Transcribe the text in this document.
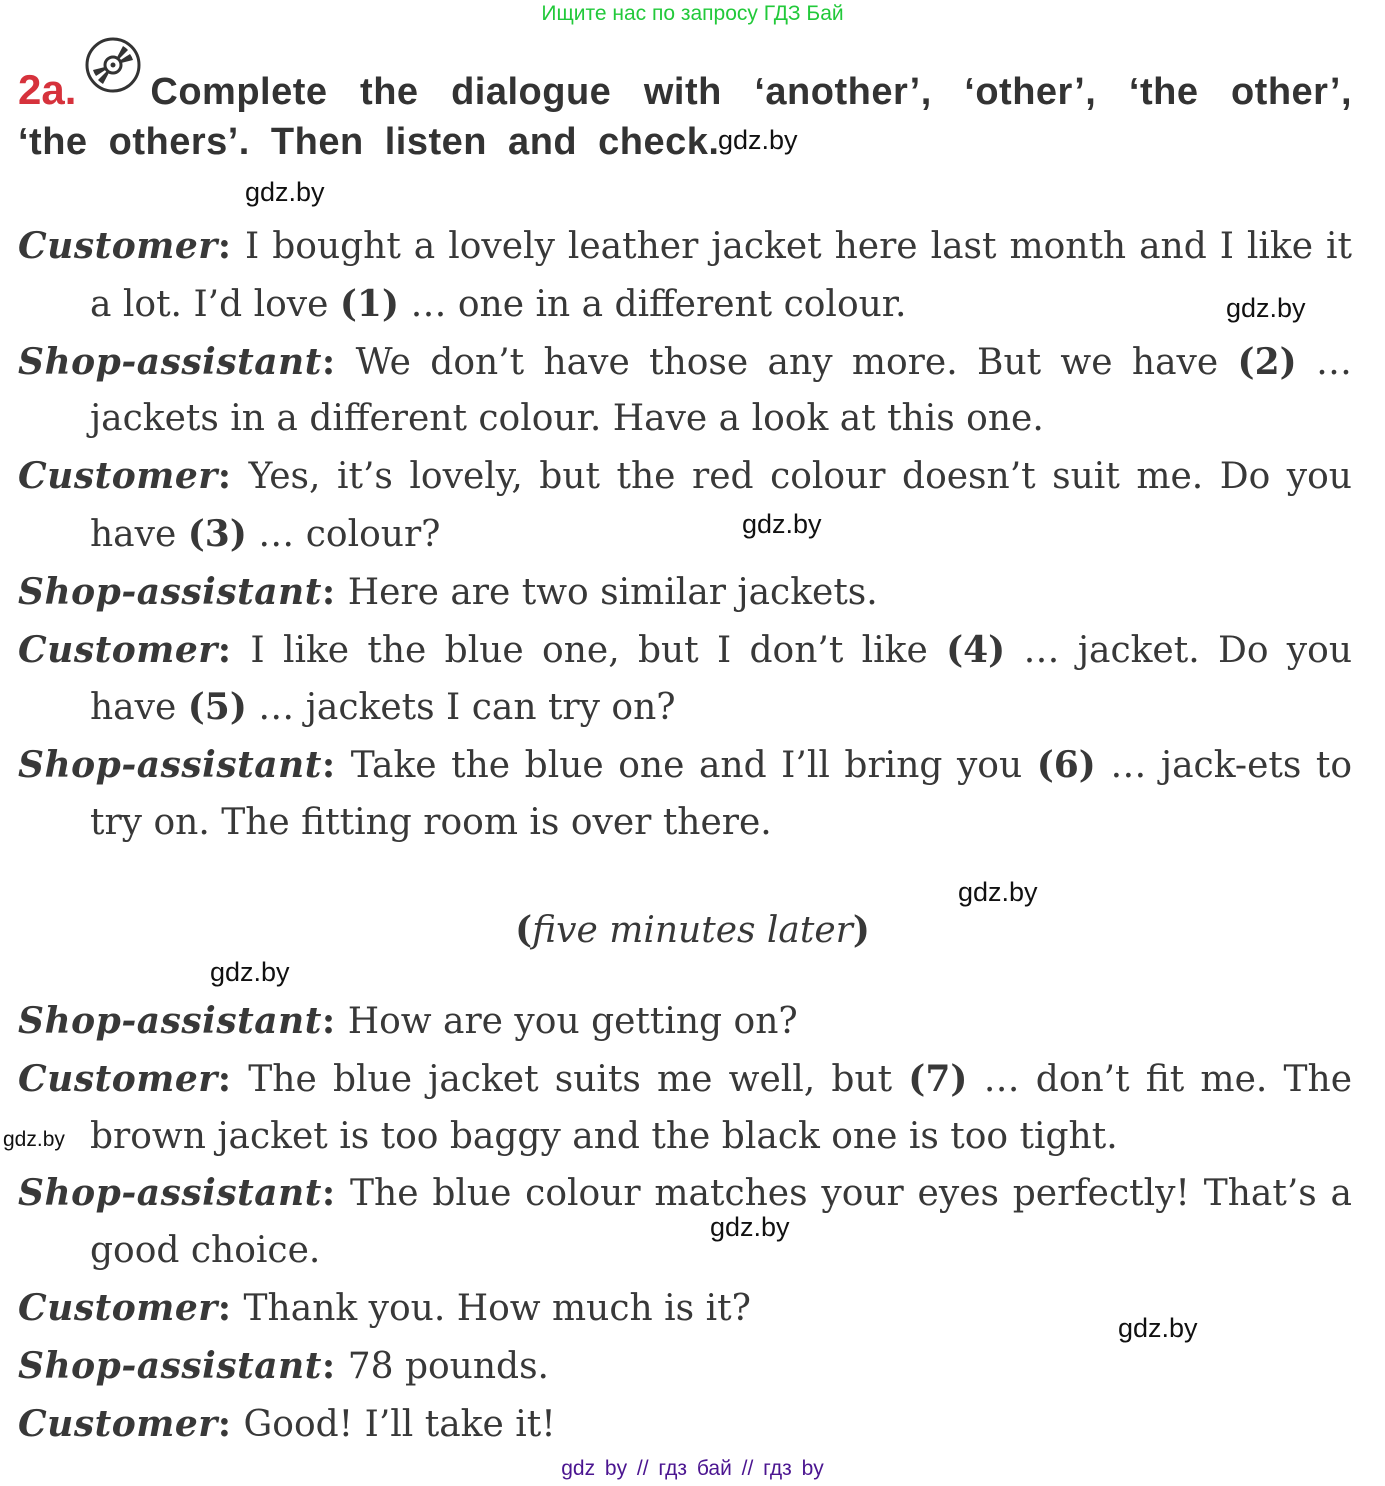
Ищите нас по запросу ГДЗ Бай
2a. Complete the dialogue with ‘another’, ‘other’, ‘the other’, ‘the others’. Then listen and check.

Customer: I bought a lovely leather jacket here last month and I like it a lot. I’d love (1) … one in a different colour.

Shop-assistant: We don’t have those any more. But we have (2) … jackets in a different colour. Have a look at this one.

Customer: Yes, it’s lovely, but the red colour doesn’t suit me. Do you have (3) … colour?

Shop-assistant: Here are two similar jackets.

Customer: I like the blue one, but I don’t like (4) … jacket. Do you have (5) … jackets I can try on?

Shop-assistant: Take the blue one and I’ll bring you (6) … jack-ets to try on. The fitting room is over there.

(five minutes later)

Shop-assistant: How are you getting on?

Customer: The blue jacket suits me well, but (7) … don’t fit me. The brown jacket is too baggy and the black one is too tight.

Shop-assistant: The blue colour matches your eyes perfectly! That’s a good choice.

Customer: Thank you. How much is it?

Shop-assistant: 78 pounds.

Customer: Good! I’ll take it!

gdz.by
gdz.by
gdz.by
gdz.by
gdz.by
gdz.by
gdz.by
gdz.by
gdz.by
gdz by // гдз бай // гдз by
